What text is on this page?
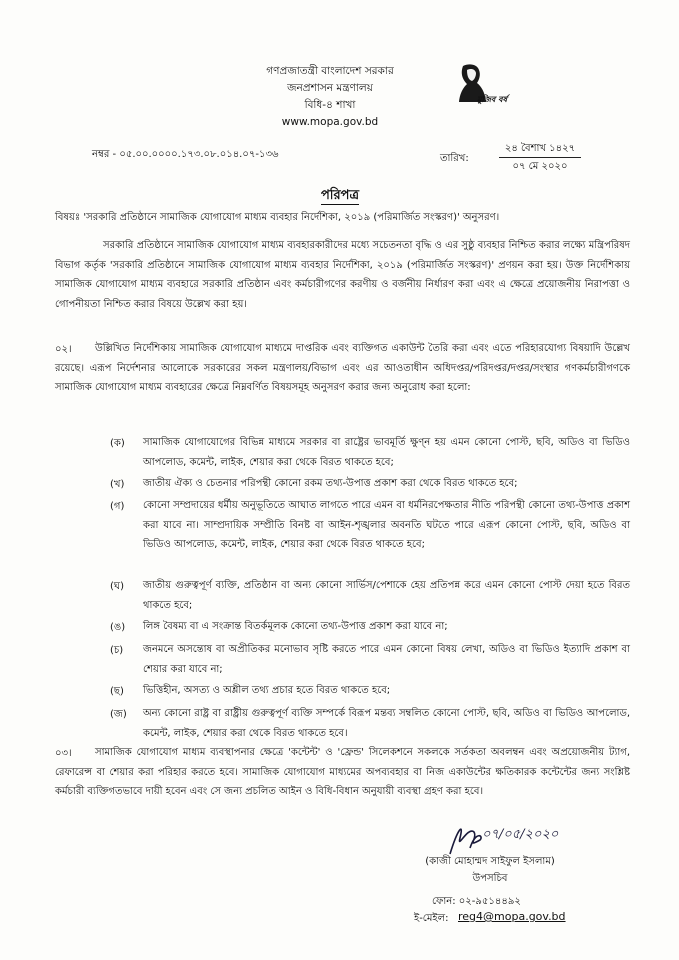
গণপ্রজাতন্ত্রী বাংলাদেশ সরকার
জনপ্রশাসন মন্ত্রণালয়
বিধি-৪ শাখা
www.mopa.gov.bd
মুজিব বর্ষ
নম্বর - ০৫.০০.০০০০.১৭৩.০৮.০১৪.০৭-১৩৬	তারিখ:
২৪ বৈশাখ ১৪২৭
০৭ মে ২০২০
পরিপত্র
বিষয়ঃ 'সরকারি প্রতিষ্ঠানে সামাজিক যোগাযোগ মাধ্যম ব্যবহার নির্দেশিকা, ২০১৯ (পরিমার্জিত সংস্করণ)' অনুসরণ।
সরকারি প্রতিষ্ঠানে সামাজিক যোগাযোগ মাধ্যম ব্যবহারকারীদের মধ্যে সচেতনতা বৃদ্ধি ও এর সুষ্ঠু ব্যবহার নিশ্চিত করার লক্ষ্যে মন্ত্রিপরিষদ বিভাগ কর্তৃক 'সরকারি প্রতিষ্ঠানে সামাজিক যোগাযোগ মাধ্যম ব্যবহার নির্দেশিকা, ২০১৯ (পরিমার্জিত সংস্করণ)' প্রণয়ন করা হয়। উক্ত নির্দেশিকায় সামাজিক যোগাযোগ মাধ্যম ব্যবহারে সরকারি প্রতিষ্ঠান এবং কর্মচারীগণের করণীয় ও বর্জনীয় নির্ধারণ করা এবং এ ক্ষেত্রে প্রয়োজনীয় নিরাপত্তা ও গোপনীয়তা নিশ্চিত করার বিষয়ে উল্লেখ করা হয়।
০২।	উল্লিখিত নির্দেশিকায় সামাজিক যোগাযোগ মাধ্যমে দাপ্তরিক এবং ব্যক্তিগত একাউন্ট তৈরি করা এবং এতে পরিহারযোগ্য বিষয়াদি উল্লেখ রয়েছে। এরূপ নির্দেশনার আলোকে সরকারের সকল মন্ত্রণালয়/বিভাগ এবং এর আওতাধীন অধিদপ্তর/পরিদপ্তর/দপ্তর/সংস্থার গণকর্মচারীগণকে সামাজিক যোগাযোগ মাধ্যম ব্যবহারের ক্ষেত্রে নিম্নবর্ণিত বিষয়সমূহ অনুসরণ করার জন্য অনুরোধ করা হলো:
(ক) সামাজিক যোগাযোগের বিভিন্ন মাধ্যমে সরকার বা রাষ্ট্রের ভাবমূর্তি ক্ষুণ্ন হয় এমন কোনো পোস্ট, ছবি, অডিও বা ভিডিও আপলোড, কমেন্ট, লাইক, শেয়ার করা থেকে বিরত থাকতে হবে;
(খ) জাতীয় ঐক্য ও চেতনার পরিপন্থী কোনো রকম তথ্য-উপাত্ত প্রকাশ করা থেকে বিরত থাকতে হবে;
(গ) কোনো সম্প্রদায়ের ধর্মীয় অনুভূতিতে আঘাত লাগতে পারে এমন বা ধর্মনিরপেক্ষতার নীতি পরিপন্থী কোনো তথ্য-উপাত্ত প্রকাশ করা যাবে না। সাম্প্রদায়িক সম্প্রীতি বিনষ্ট বা আইন-শৃঙ্খলার অবনতি ঘটতে পারে এরূপ কোনো পোস্ট, ছবি, অডিও বা ভিডিও আপলোড, কমেন্ট, লাইক, শেয়ার করা থেকে বিরত থাকতে হবে;
(ঘ) জাতীয় গুরুত্বপূর্ণ ব্যক্তি, প্রতিষ্ঠান বা অন্য কোনো সার্ভিস/পেশাকে হেয় প্রতিপন্ন করে এমন কোনো পোস্ট দেয়া হতে বিরত থাকতে হবে;
(ঙ) লিঙ্গ বৈষম্য বা এ সংক্রান্ত বিতর্কমূলক কোনো তথ্য-উপাত্ত প্রকাশ করা যাবে না;
(চ) জনমনে অসন্তোষ বা অপ্রীতিকর মনোভাব সৃষ্টি করতে পারে এমন কোনো বিষয় লেখা, অডিও বা ভিডিও ইত্যাদি প্রকাশ বা শেয়ার করা যাবে না;
(ছ) ভিত্তিহীন, অসত্য ও অশ্লীল তথ্য প্রচার হতে বিরত থাকতে হবে;
(জ) অন্য কোনো রাষ্ট্র বা রাষ্ট্রীয় গুরুত্বপূর্ণ ব্যক্তি সম্পর্কে বিরূপ মন্তব্য সম্বলিত কোনো পোস্ট, ছবি, অডিও বা ভিডিও আপলোড, কমেন্ট, লাইক, শেয়ার করা থেকে বিরত থাকতে হবে।
০৩।	সামাজিক যোগাযোগ মাধ্যম ব্যবস্থাপনার ক্ষেত্রে 'কন্টেন্ট' ও 'ফ্রেন্ড' সিলেকশনে সকলকে সর্তকতা অবলম্বন এবং অপ্রয়োজনীয় ট্যাগ, রেফারেন্স বা শেয়ার করা পরিহার করতে হবে। সামাজিক যোগাযোগ মাধ্যমের অপব্যবহার বা নিজ একাউন্টের ক্ষতিকারক কন্টেন্টের জন্য সংশ্লিষ্ট কর্মচারী ব্যক্তিগতভাবে দায়ী হবেন এবং সে জন্য প্রচলিত আইন ও বিধি-বিধান অনুযায়ী ব্যবস্থা গ্রহণ করা হবে।
০৭/০৫/২০২০
(কাজী মোহাম্মদ সাইফুল ইসলাম)
উপসচিব
ফোন: ০২-৯৫১৪৪৯২
ই-মেইল: reg4@mopa.gov.bd
